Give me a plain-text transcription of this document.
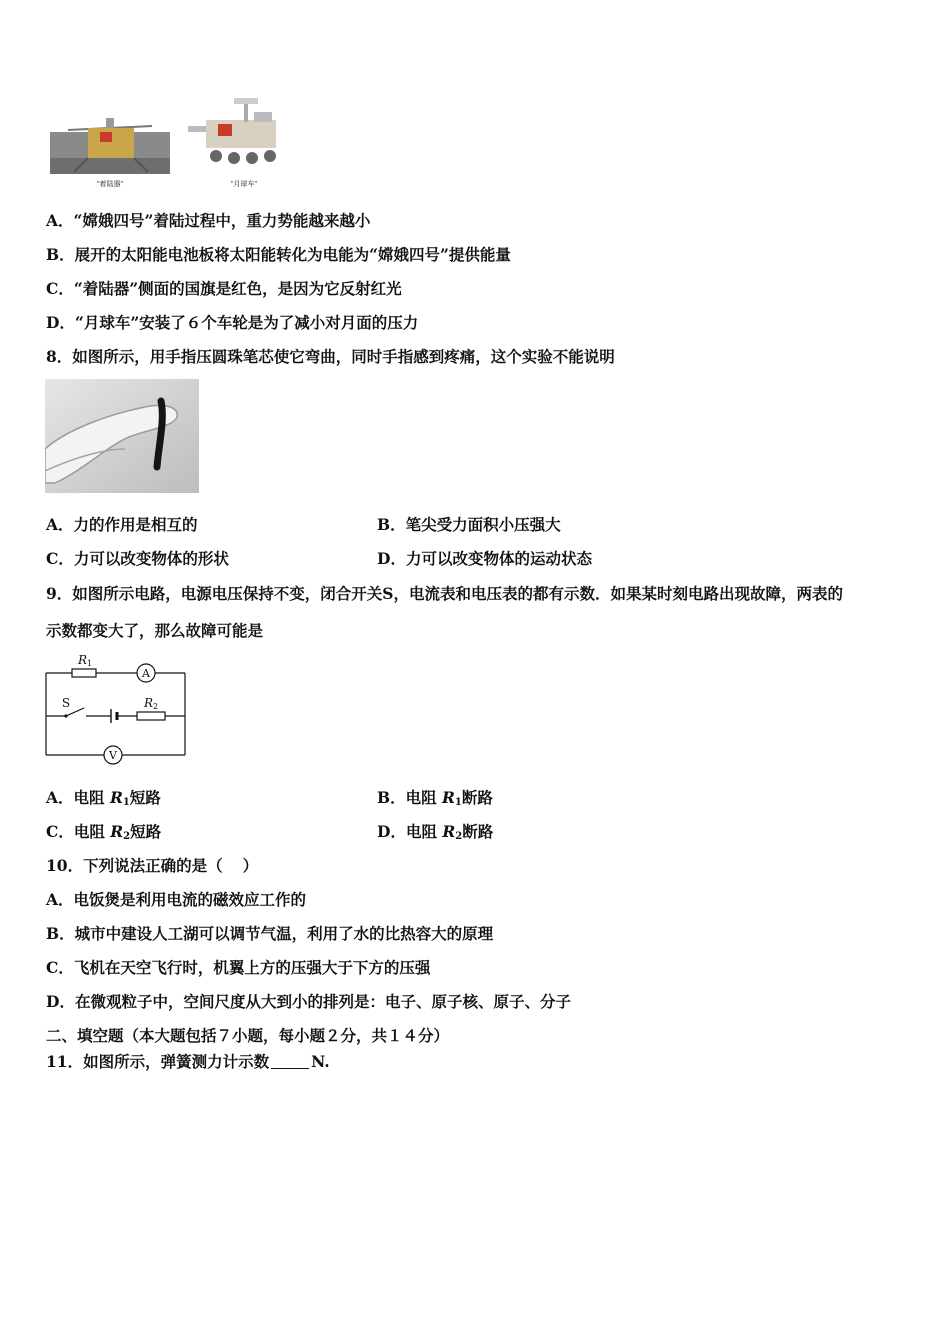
"着陆器"	"月球车"
A．“嫦娥四号”着陆过程中，重力势能越来越小
B．展开的太阳能电池板将太阳能转化为电能为“嫦娥四号”提供能量
C．“着陆器”侧面的国旗是红色，是因为它反射红光
D．“月球车”安装了６个车轮是为了减小对月面的压力
8．如图所示，用手指压圆珠笔芯使它弯曲，同时手指感到疼痛，这个实验不能说明
A．力的作用是相互的	B．笔尖受力面积小压强大
C．力可以改变物体的形状	D．力可以改变物体的运动状态
9．如图所示电路，电源电压保持不变，闭合开关S，电流表和电压表的都有示数．如果某时刻电路出现故障，两表的
示数都变大了，那么故障可能是
A
V
S
R1
R2
A．电阻 $R_1$短路	B．电阻 $R_1$断路
C．电阻 $R_2$短路	D．电阻 $R_2$断路
10．下列说法正确的是（ ）
A．电饭煲是利用电流的磁效应工作的
B．城市中建设人工湖可以调节气温，利用了水的比热容大的原理
C．飞机在天空飞行时，机翼上方的压强大于下方的压强
D．在微观粒子中，空间尺度从大到小的排列是：电子、原子核、原子、分子
二、填空题（本大题包括７小题，每小题２分，共１４分）
11．如图所示，弹簧测力计示数	N.
